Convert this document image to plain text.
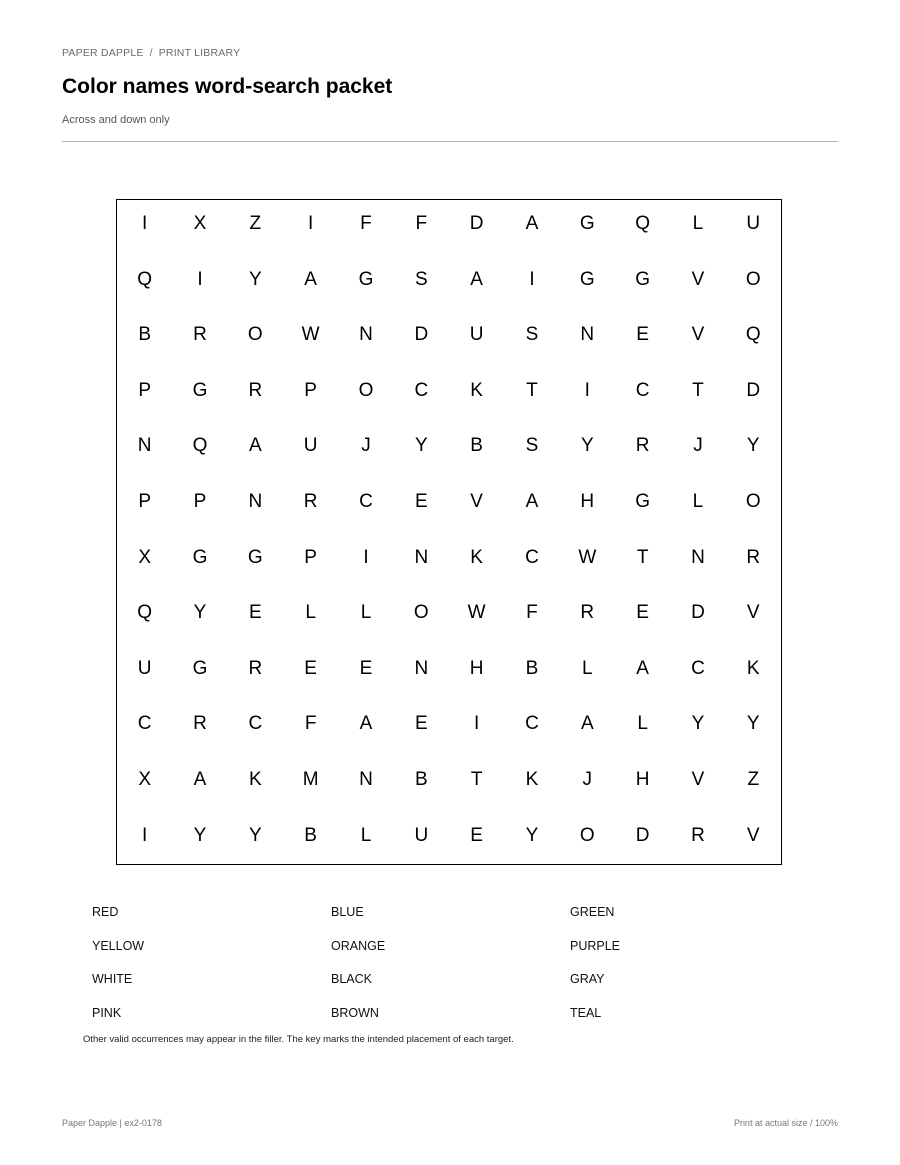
PAPER DAPPLE / PRINT LIBRARY
Color names word-search packet
Across and down only
I	X	Z	I	F	F	D	A	G	Q	L	U
Q	I	Y	A	G	S	A	I	G	G	V	O
B	R	O	W	N	D	U	S	N	E	V	Q
P	G	R	P	O	C	K	T	I	C	T	D
N	Q	A	U	J	Y	B	S	Y	R	J	Y
P	P	N	R	C	E	V	A	H	G	L	O
X	G	G	P	I	N	K	C	W	T	N	R
Q	Y	E	L	L	O	W	F	R	E	D	V
U	G	R	E	E	N	H	B	L	A	C	K
C	R	C	F	A	E	I	C	A	L	Y	Y
X	A	K	M	N	B	T	K	J	H	V	Z
I	Y	Y	B	L	U	E	Y	O	D	R	V
RED	BLUE	GREEN
YELLOW	ORANGE	PURPLE
WHITE	BLACK	GRAY
PINK	BROWN	TEAL
Other valid occurrences may appear in the filler. The key marks the intended placement of each target.
Paper Dapple | ex2-0178	Print at actual size / 100%
